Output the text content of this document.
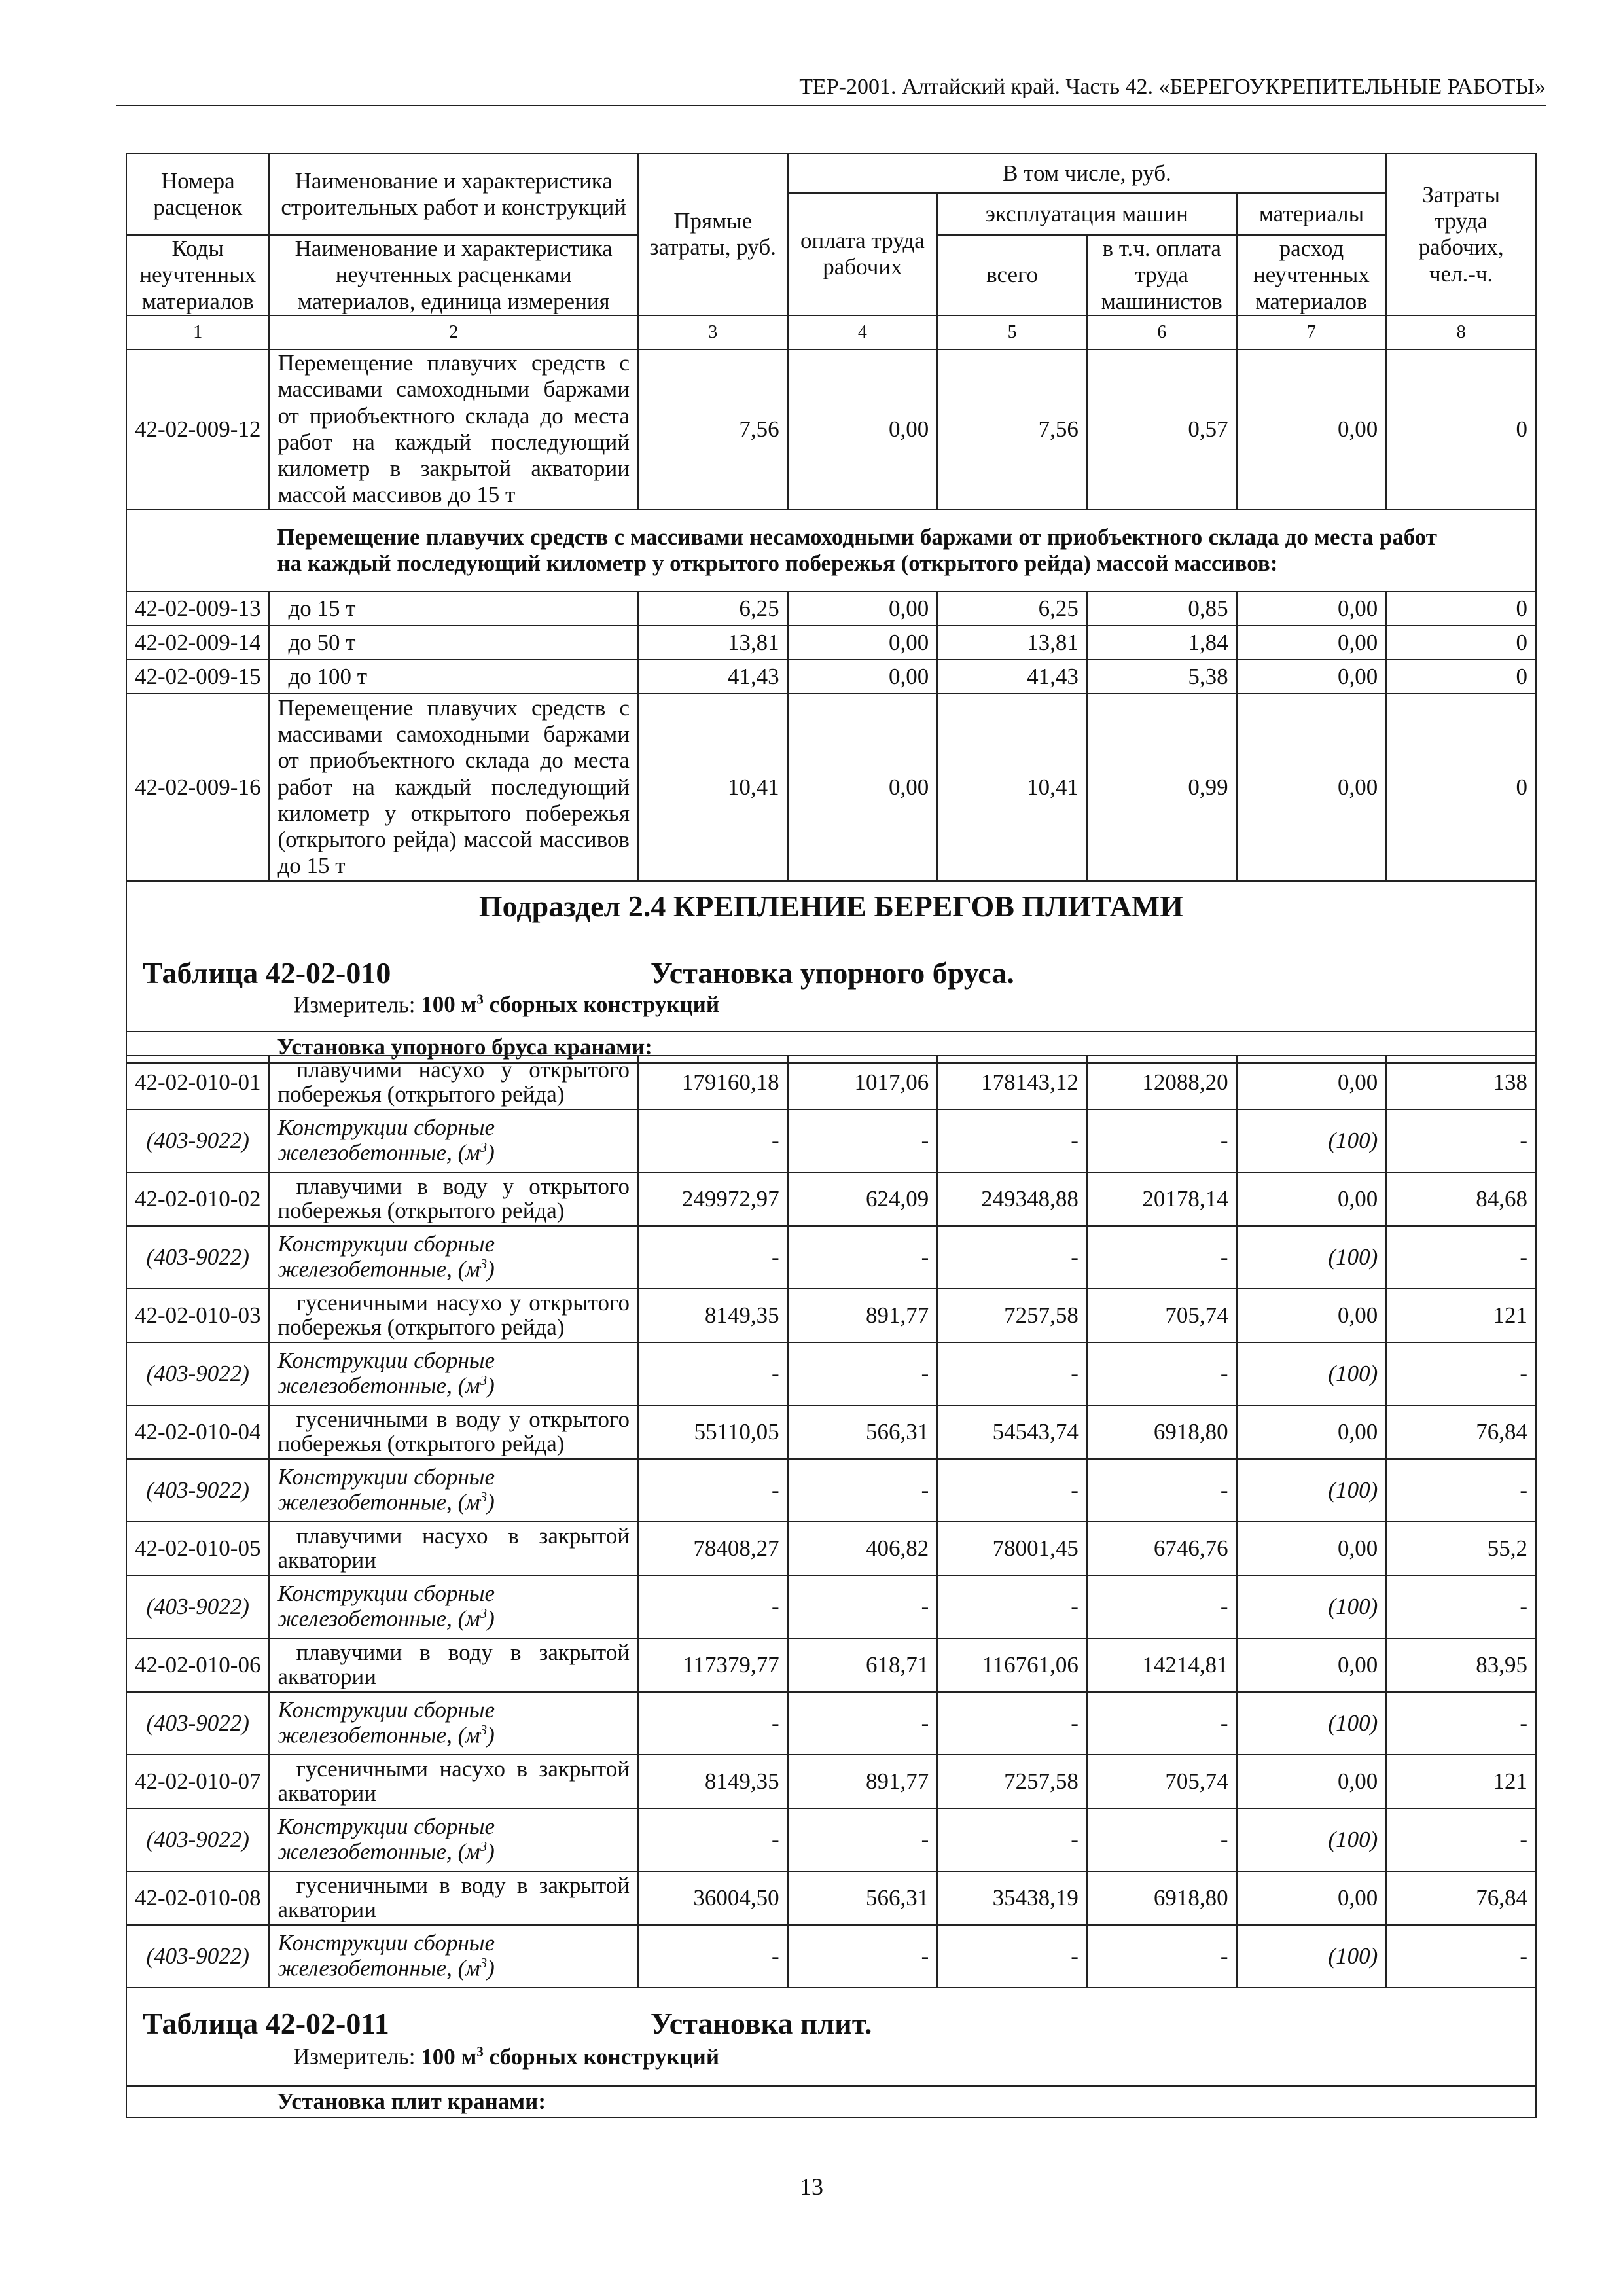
ТЕР-2001. Алтайский край. Часть 42. «БЕРЕГОУКРЕПИТЕЛЬНЫЕ РАБОТЫ»
Номера расценок	Наименование и характеристика строительных работ и конструкций	Прямые затраты, руб.	В том числе, руб.				Затраты труда рабочих, чел.-ч.
			оплата труда рабочих	эксплуатация машин		материалы	
Коды неучтенных материалов	Наименование и характеристика неучтенных расценками материалов, единица измерения			всего	в т.ч. оплата труда машинистов	расход неучтенных материалов	
1	2	3	4	5	6	7	8
42-02-009-12	Перемещение плавучих средств с массивами самоходными баржами от приобъектного склада до места работ на каждый последующий километр в закрытой акватории массой массивов до 15 т	7,56	0,00	7,56	0,57	0,00	0
	Перемещение плавучих средств с массивами несамоходными баржами от приобъектного склада до места работ на каждый последующий километр у открытого побережья (открытого рейда) массой массивов:						
42-02-009-13	до 15 т	6,25	0,00	6,25	0,85	0,00	0
42-02-009-14	до 50 т	13,81	0,00	13,81	1,84	0,00	0
42-02-009-15	до 100 т	41,43	0,00	41,43	5,38	0,00	0
42-02-009-16	Перемещение плавучих средств с массивами самоходными баржами от приобъектного склада до места работ на каждый последующий километр у открытого побережья (открытого рейда) массой массивов до 15 т	10,41	0,00	10,41	0,99	0,00	0

Подраздел 2.4 КРЕПЛЕНИЕ БЕРЕГОВ ПЛИТАМИ
Таблица 42-02-010 Установка упорного бруса.
Измеритель: 100 $м^3$ сборных конструкций							

	Установка упорного бруса кранами:						
42-02-010-01	плавучими насухо у открытого побережья (открытого рейда)	179160,18	1017,06	178143,12	12088,20	0,00	138
(403-9022)	Конструкции сборные железобетонные, $(м^3)$	-	-	-	-	(100)	-
42-02-010-02	плавучими в воду у открытого побережья (открытого рейда)	249972,97	624,09	249348,88	20178,14	0,00	84,68
(403-9022)	Конструкции сборные железобетонные, $(м^3)$	-	-	-	-	(100)	-
42-02-010-03	гусеничными насухо у открытого побережья (открытого рейда)	8149,35	891,77	7257,58	705,74	0,00	121
(403-9022)	Конструкции сборные железобетонные, $(м^3)$	-	-	-	-	(100)	-
42-02-010-04	гусеничными в воду у открытого побережья (открытого рейда)	55110,05	566,31	54543,74	6918,80	0,00	76,84
(403-9022)	Конструкции сборные железобетонные, $(м^3)$	-	-	-	-	(100)	-
42-02-010-05	плавучими насухо в закрытой акватории	78408,27	406,82	78001,45	6746,76	0,00	55,2
(403-9022)	Конструкции сборные железобетонные, $(м^3)$	-	-	-	-	(100)	-
42-02-010-06	плавучими в воду в закрытой акватории	117379,77	618,71	116761,06	14214,81	0,00	83,95
(403-9022)	Конструкции сборные железобетонные, $(м^3)$	-	-	-	-	(100)	-
42-02-010-07	гусеничными насухо в закрытой акватории	8149,35	891,77	7257,58	705,74	0,00	121
(403-9022)	Конструкции сборные железобетонные, $(м^3)$	-	-	-	-	(100)	-
42-02-010-08	гусеничными в воду в закрытой акватории	36004,50	566,31	35438,19	6918,80	0,00	76,84
(403-9022)	Конструкции сборные железобетонные, $(м^3)$	-	-	-	-	(100)	-

Таблица 42-02-011 Установка плит.
Измеритель: 100 $м^3$ сборных конструкций							

	Установка плит кранами:						
13
